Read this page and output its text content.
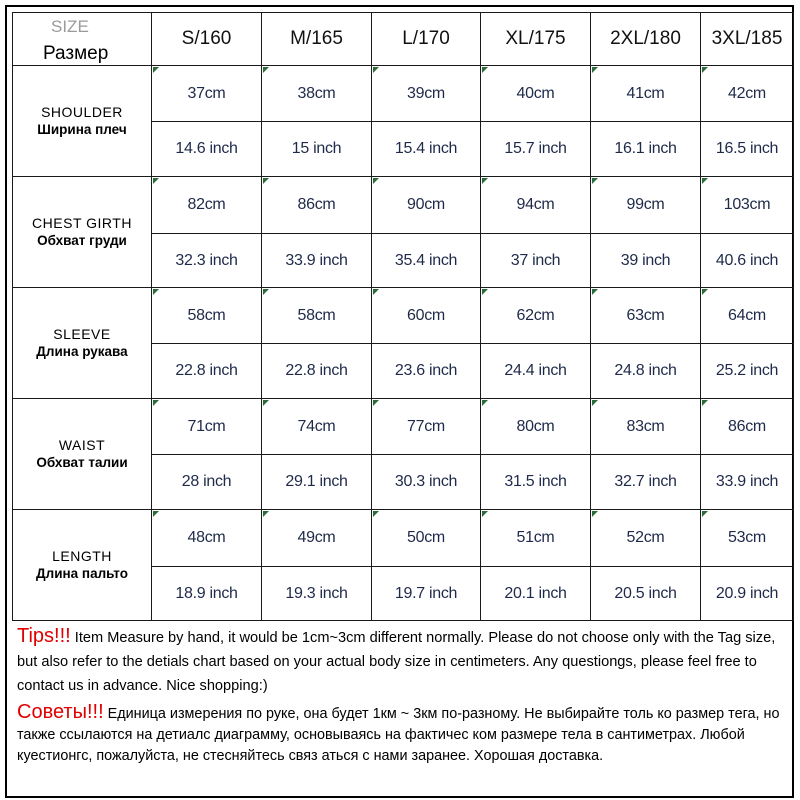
SIZE
Размер	S/160	M/165	L/170	XL/175	2XL/180	3XL/185

SHOULDER
Ширина плеч	37cm	38cm	39cm	40cm	41cm	42cm
	14.6 inch	15 inch	15.4 inch	15.7 inch	16.1 inch	16.5 inch

CHEST GIRTH
Обхват груди	82cm	86cm	90cm	94cm	99cm	103cm
	32.3 inch	33.9 inch	35.4 inch	37 inch	39 inch	40.6 inch

SLEEVE
Длина рукава	58cm	58cm	60cm	62cm	63cm	64cm
	22.8 inch	22.8 inch	23.6 inch	24.4 inch	24.8 inch	25.2 inch

WAIST
Обхват талии	71cm	74cm	77cm	80cm	83cm	86cm
	28 inch	29.1 inch	30.3 inch	31.5 inch	32.7 inch	33.9 inch

LENGTH
Длина пальто	48cm	49cm	50cm	51cm	52cm	53cm
	18.9 inch	19.3 inch	19.7 inch	20.1 inch	20.5 inch	20.9 inch
Tips!!! Item Measure by hand, it would be 1cm~3cm different normally. Please do not choose only with the Tag size, but also refer to the detials chart based on your actual body size in centimeters. Any questiongs, please feel free to contact us in advance. Nice shopping:)
Советы!!! Единица измерения по руке, она будет 1км ~ 3км по-разному. Не выбирайте толь ко размер тега, но также ссылаются на детиалс диаграмму, основываясь на фактичес ком размере тела в сантиметрах. Любой куестионгс, пожалуйста, не стесняйтесь связ аться с нами заранее. Хорошая доставка.
